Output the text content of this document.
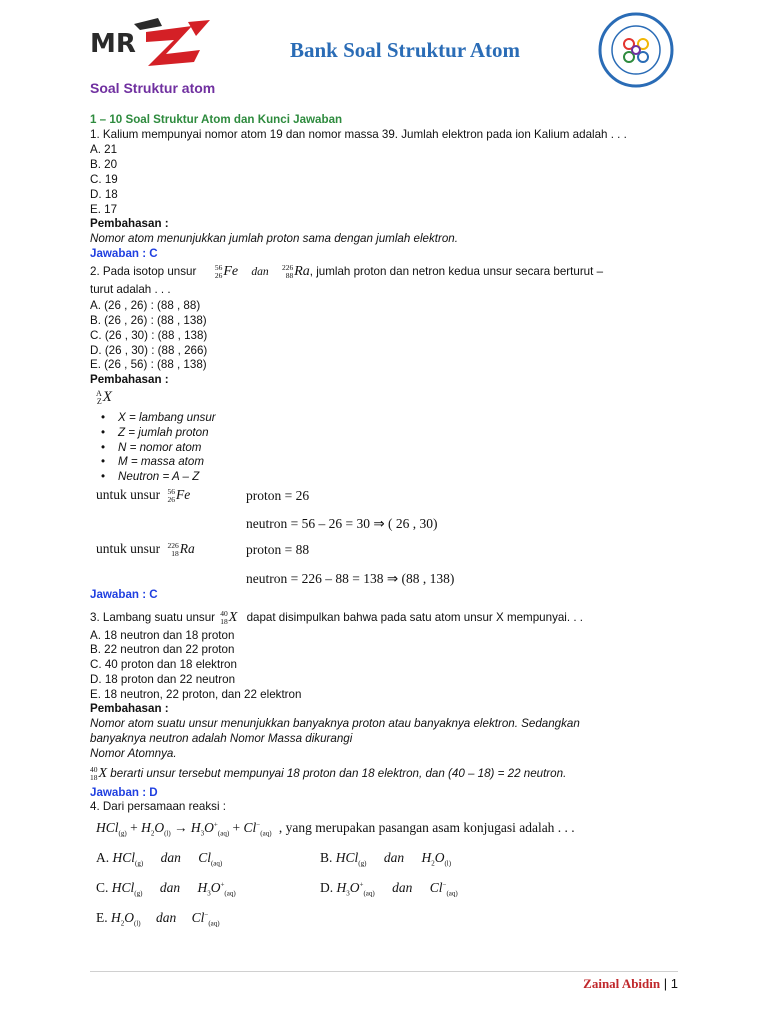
MR	Bank Soal Struktur Atom
Soal Struktur atom
1 – 10 Soal Struktur Atom dan Kunci Jawaban
1. Kalium mempunyai nomor atom 19 dan nomor massa 39. Jumlah elektron pada ion Kalium adalah . . .
A. 21
B. 20
C. 19
D. 18
E. 17
Pembahasan :
Nomor atom menunjukkan jumlah proton sama dengan jumlah elektron.
Jawaban : C
2. Pada isotop unsur 56
26 Fe dan 226
88 Ra, jumlah proton dan netron kedua unsur secara berturut –
turut adalah . . .
A. (26 , 26) : (88 , 88)
B. (26 , 26) : (88 , 138)
C. (26 , 30) : (88 , 138)
D. (26 , 30) : (88 , 266)
E. (26 , 56) : (88 , 138)
Pembahasan :
A
Z X
• X = lambang unsur
• Z = jumlah proton
• N = nomor atom
• M = massa atom
• Neutron = A – Z
untuk unsur 56
26 Fe	proton = 26
neutron = 56 – 26 = 30 ⇒ ( 26 , 30)
untuk unsur 226
18 Ra	proton = 88
neutron = 226 – 88 = 138 ⇒ (88 , 138)
Jawaban : C
3. Lambang suatu unsur 40
18 X dapat disimpulkan bahwa pada satu atom unsur X mempunyai. . .
A. 18 neutron dan 18 proton
B. 22 neutron dan 22 proton
C. 40 proton dan 18 elektron
D. 18 proton dan 22 neutron
E. 18 neutron, 22 proton, dan 22 elektron
Pembahasan :
Nomor atom suatu unsur menunjukkan banyaknya proton atau banyaknya elektron. Sedangkan
banyaknya neutron adalah Nomor Massa dikurangi
Nomor Atomnya.
40
18 X berarti unsur tersebut mempunyai 18 proton dan 18 elektron, dan (40 – 18) = 22 neutron.
Jawaban : D
4. Dari persamaan reaksi :
$HCl_{(g)} + H_2O_{(l)} \to H_3O^+_{(aq)} + Cl^-_{(aq)}$ , yang merupakan pasangan asam konjugasi adalah . . .
A. HCl$_{(g)}$ dan $Cl_{(aq)}$	B. HCl$_{(g)}$ dan $H_2O_{(l)}$
C. HCl$_{(g)}$ dan $H_3O^+_{(aq)}$	D. $H_3O^+_{(aq)}$ dan $Cl^-_{(aq)}$
E. $H_2O_{(l)}$ dan $Cl^-_{(aq)}$
Zainal Abidin | 1
